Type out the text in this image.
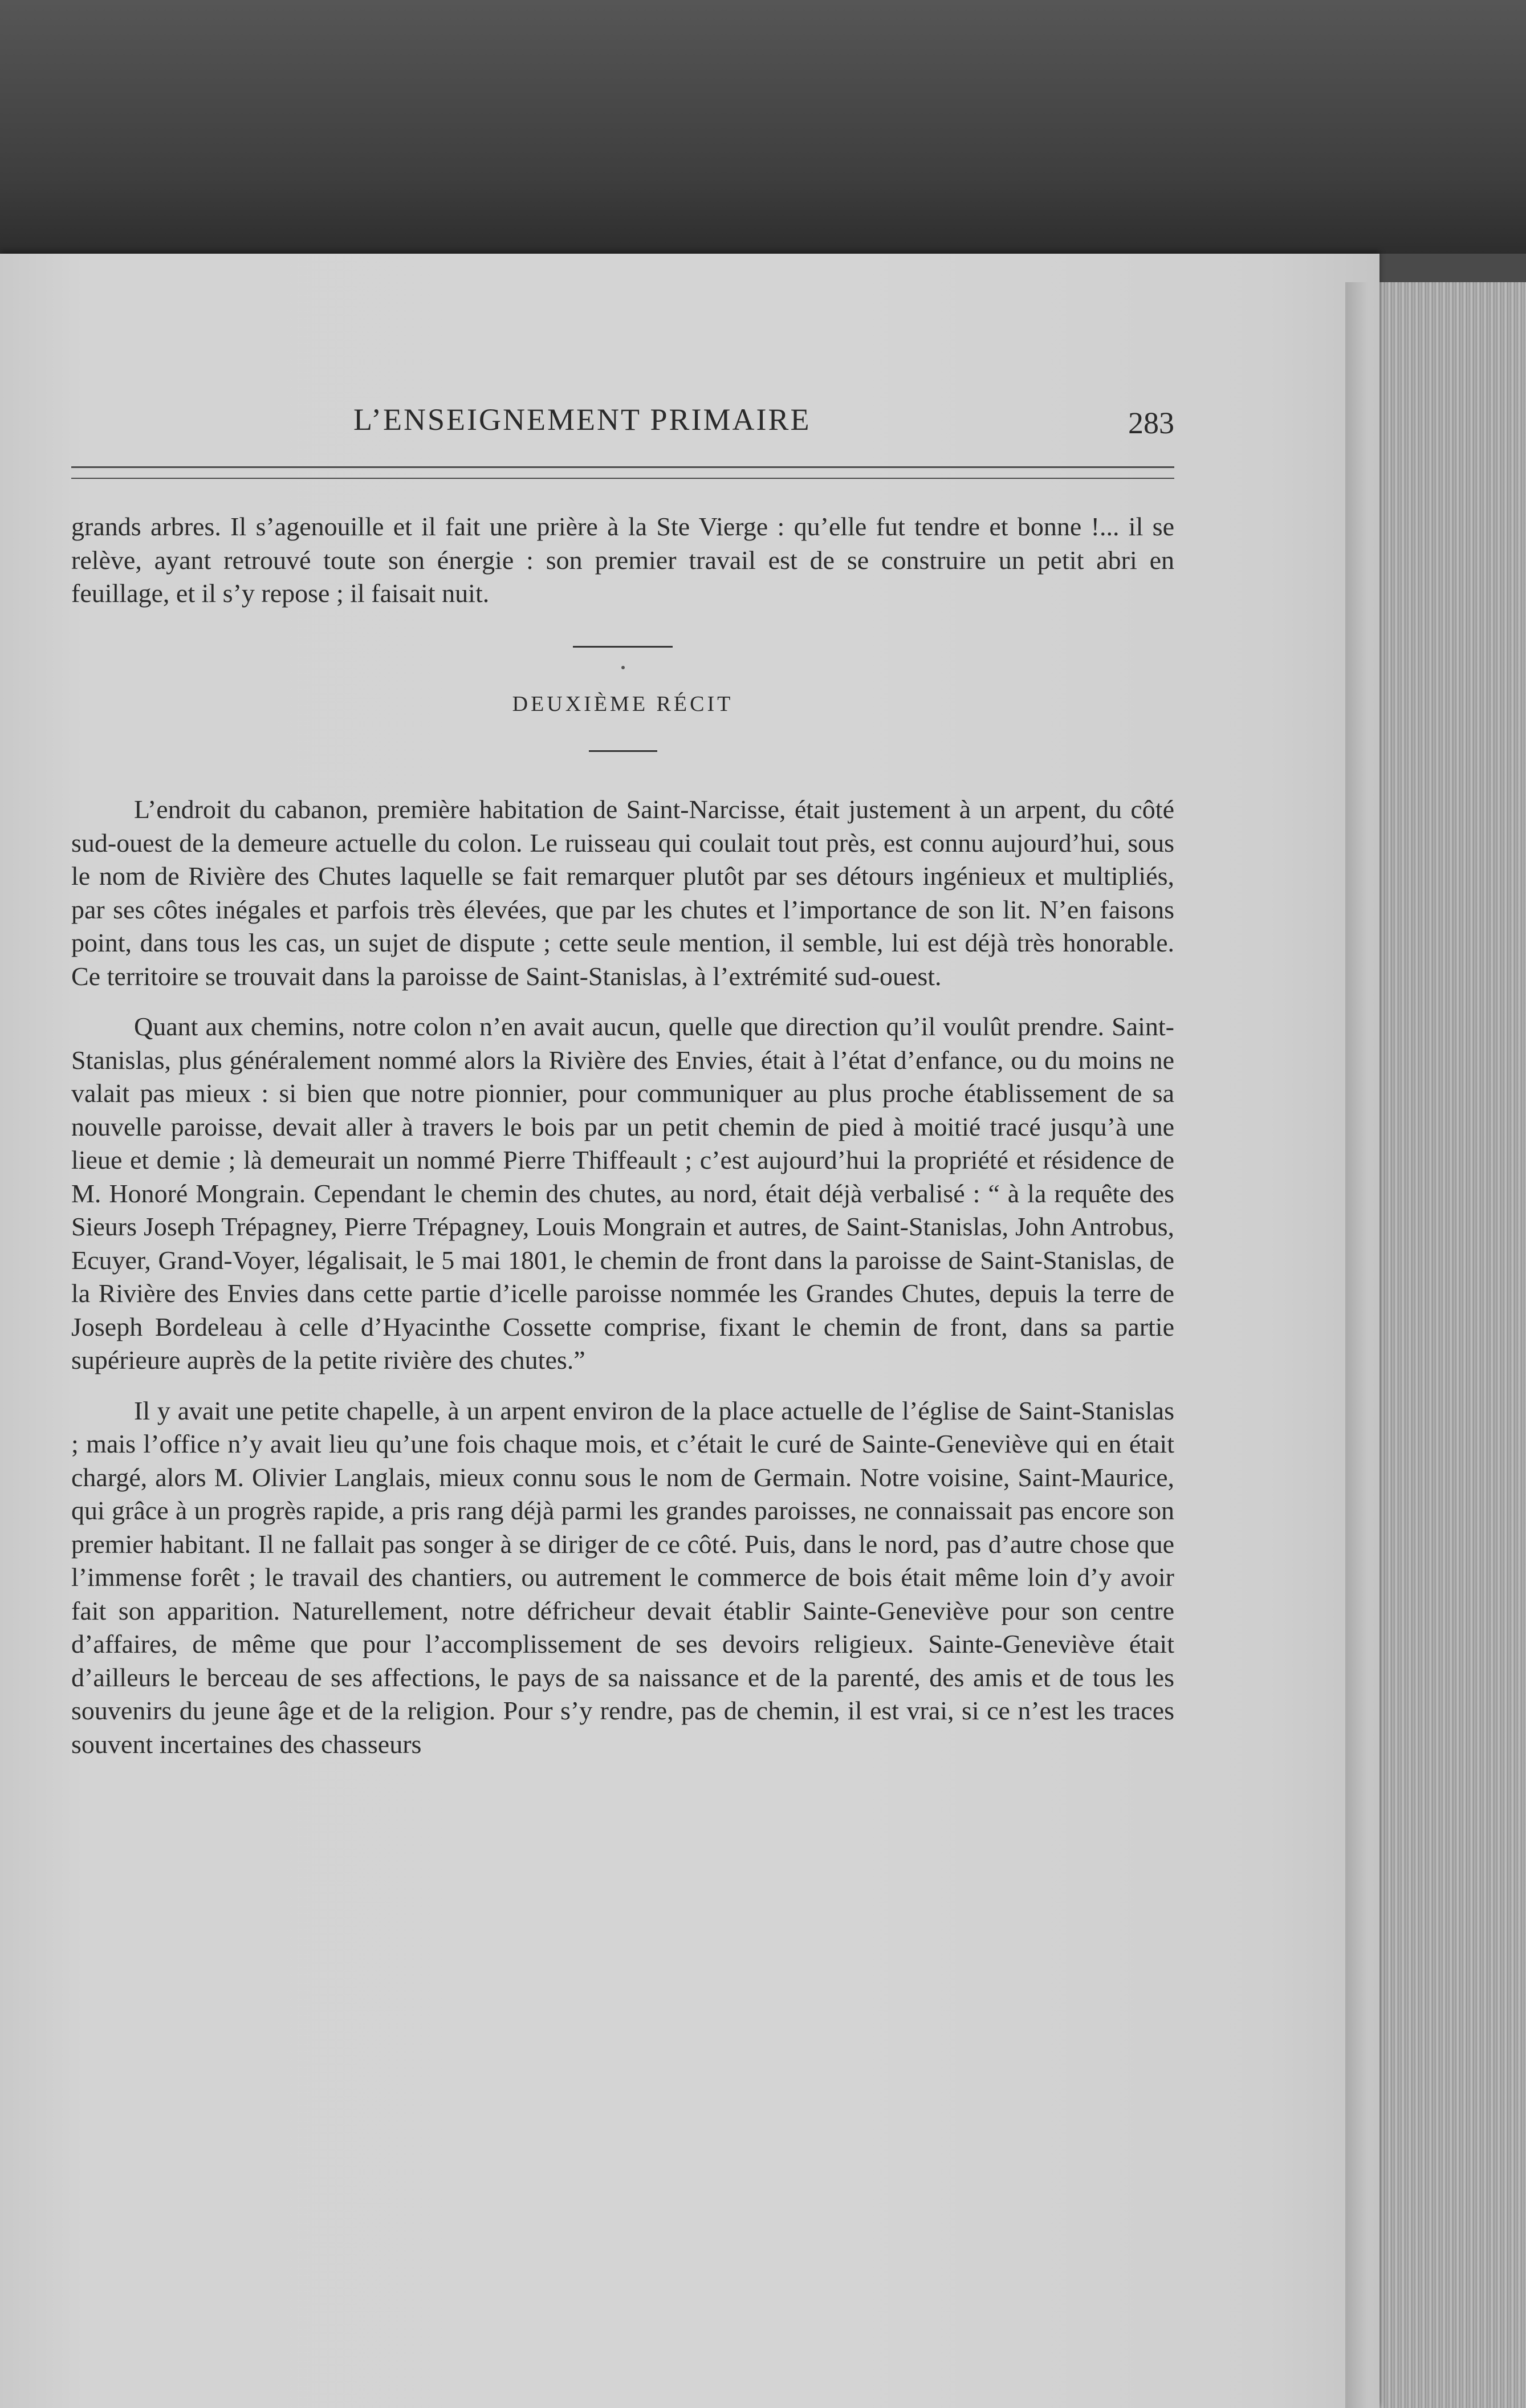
L’ENSEIGNEMENT PRIMAIRE	283

grands arbres. Il s’agenouille et il fait une prière à la Ste Vierge : qu’elle fut tendre et bonne !... il se relève, ayant retrouvé toute son énergie : son premier travail est de se construire un petit abri en feuillage, et il s’y repose ; il faisait nuit.

DEUXIÈME RÉCIT

L’endroit du cabanon, première habitation de Saint-Narcisse, était justement à un arpent, du côté sud-ouest de la demeure actuelle du colon. Le ruisseau qui coulait tout près, est connu aujourd’hui, sous le nom de Rivière des Chutes laquelle se fait remarquer plutôt par ses détours ingénieux et multipliés, par ses côtes inégales et parfois très élevées, que par les chutes et l’importance de son lit. N’en faisons point, dans tous les cas, un sujet de dispute ; cette seule mention, il semble, lui est déjà très honorable. Ce territoire se trouvait dans la paroisse de Saint-Stanislas, à l’extrémité sud-ouest.

Quant aux chemins, notre colon n’en avait aucun, quelle que direction qu’il voulût prendre. Saint-Stanislas, plus généralement nommé alors la Rivière des Envies, était à l’état d’enfance, ou du moins ne valait pas mieux : si bien que notre pionnier, pour communiquer au plus proche établissement de sa nouvelle paroisse, devait aller à travers le bois par un petit chemin de pied à moitié tracé jusqu’à une lieue et demie ; là demeurait un nommé Pierre Thiffeault ; c’est aujourd’hui la propriété et résidence de M. Honoré Mongrain. Cependant le chemin des chutes, au nord, était déjà verbalisé : “ à la requête des Sieurs Joseph Trépagney, Pierre Trépagney, Louis Mongrain et autres, de Saint-Stanislas, John Antrobus, Ecuyer, Grand-Voyer, légalisait, le 5 mai 1801, le chemin de front dans la paroisse de Saint-Stanislas, de la Rivière des Envies dans cette partie d’icelle paroisse nommée les Grandes Chutes, depuis la terre de Joseph Bordeleau à celle d’Hyacinthe Cossette comprise, fixant le chemin de front, dans sa partie supérieure auprès de la petite rivière des chutes.”

Il y avait une petite chapelle, à un arpent environ de la place actuelle de l’église de Saint-Stanislas ; mais l’office n’y avait lieu qu’une fois chaque mois, et c’était le curé de Sainte-Geneviève qui en était chargé, alors M. Olivier Langlais, mieux connu sous le nom de Germain. Notre voisine, Saint-Maurice, qui grâce à un progrès rapide, a pris rang déjà parmi les grandes paroisses, ne connaissait pas encore son premier habitant. Il ne fallait pas songer à se diriger de ce côté. Puis, dans le nord, pas d’autre chose que l’immense forêt ; le travail des chantiers, ou autrement le commerce de bois était même loin d’y avoir fait son apparition. Naturellement, notre défricheur devait établir Sainte-Geneviève pour son centre d’affaires, de même que pour l’accomplissement de ses devoirs religieux. Sainte-Geneviève était d’ailleurs le berceau de ses affections, le pays de sa naissance et de la parenté, des amis et de tous les souvenirs du jeune âge et de la religion. Pour s’y rendre, pas de chemin, il est vrai, si ce n’est les traces souvent incertaines des chasseurs
